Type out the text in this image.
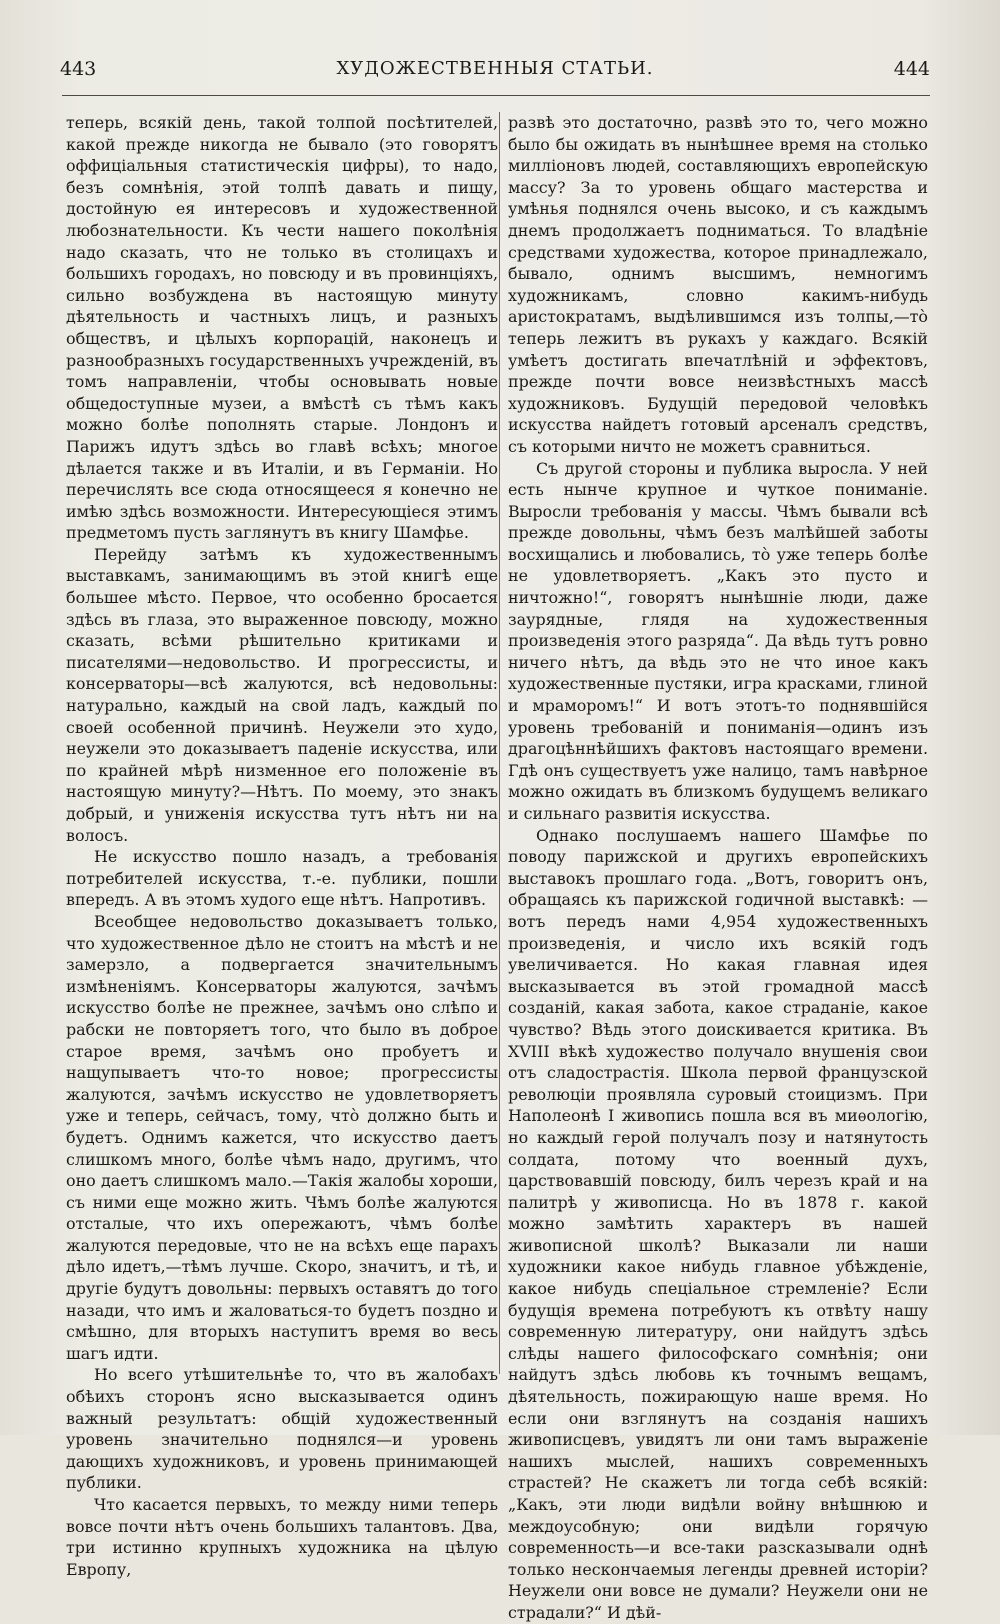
443	ХУДОЖЕСТВЕННЫЯ СТАТЬИ.	444

теперь, всякій день, такой толпой посѣтителей, какой прежде никогда не бывало (это говорятъ оффиціальныя статистическія цифры), то надо, безъ сомнѣнія, этой толпѣ давать и пищу, достойную ея интересовъ и художественной любознательности. Къ чести нашего поколѣнія надо сказать, что не только въ столицахъ и большихъ городахъ, но повсюду и въ провинціяхъ, сильно возбуждена въ настоящую минуту дѣятельность и частныхъ лицъ, и разныхъ обществъ, и цѣлыхъ корпорацій, наконецъ и разнообразныхъ государственныхъ учрежденій, въ томъ направленіи, чтобы основывать новые общедоступные музеи, а вмѣстѣ съ тѣмъ какъ можно болѣе пополнять старые. Лондонъ и Парижъ идутъ здѣсь во главѣ всѣхъ; многое дѣлается также и въ Италіи, и въ Германіи. Но перечислять все сюда относящееся я конечно не имѣю здѣсь возможности. Интересующіеся этимъ предметомъ пусть заглянутъ въ книгу Шамфье.

Перейду затѣмъ къ художественнымъ выставкамъ, занимающимъ въ этой книгѣ еще большее мѣсто. Первое, что особенно бросается здѣсь въ глаза, это выраженное повсюду, можно сказать, всѣми рѣшительно критиками и писателями—недовольство. И прогрессисты, и консерваторы—всѣ жалуются, всѣ недовольны: натурально, каждый на свой ладъ, каждый по своей особенной причинѣ. Неужели это худо, неужели это доказываетъ паденіе искусства, или по крайней мѣрѣ низменное его положеніе въ настоящую минуту?—Нѣтъ. По моему, это знакъ добрый, и униженія искусства тутъ нѣтъ ни на волосъ.

Не искусство пошло назадъ, а требованія потребителей искусства, т.-е. публики, пошли впередъ. А въ этомъ худого еще нѣтъ. Напротивъ.

Всеобщее недовольство доказываетъ только, что художественное дѣло не стоитъ на мѣстѣ и не замерзло, а подвергается значительнымъ измѣненіямъ. Консерваторы жалуются, зачѣмъ искусство болѣе не прежнее, зачѣмъ оно слѣпо и рабски не повторяетъ того, что было въ доброе старое время, зачѣмъ оно пробуетъ и нащупываетъ что-то новое; прогрессисты жалуются, зачѣмъ искусство не удовлетворяетъ уже и теперь, сейчасъ, тому, что̀ должно быть и будетъ. Однимъ кажется, что искусство даетъ слишкомъ много, болѣе чѣмъ надо, другимъ, что оно даетъ слишкомъ мало.—Такія жалобы хороши, съ ними еще можно жить. Чѣмъ болѣе жалуются отсталые, что ихъ опережаютъ, чѣмъ болѣе жалуются передовые, что не на всѣхъ еще парахъ дѣло идетъ,—тѣмъ лучше. Скоро, значитъ, и тѣ, и другіе будутъ довольны: первыхъ оставятъ до того назади, что имъ и жаловаться-то будетъ поздно и смѣшно, для вторыхъ наступитъ время во весь шагъ идти.

Но всего утѣшительнѣе то, что въ жалобахъ обѣихъ сторонъ ясно высказывается одинъ важный результатъ: общій художественный уровень значительно поднялся—и уровень дающихъ художниковъ, и уровень принимающей публики.

Что касается первыхъ, то между ними теперь вовсе почти нѣтъ очень большихъ талантовъ. Два, три истинно крупныхъ художника на цѣлую Европу,

развѣ это достаточно, развѣ это то, чего можно было бы ожидать въ нынѣшнее время на столько милліоновъ людей, составляющихъ европейскую массу? За то уровень общаго мастерства и умѣнья поднялся очень высоко, и съ каждымъ днемъ продолжаетъ подниматься. То владѣніе средствами художества, которое принадлежало, бывало, однимъ высшимъ, немногимъ художникамъ, словно какимъ-нибудь аристократамъ, выдѣлившимся изъ толпы,—то̀ теперь лежитъ въ рукахъ у каждаго. Всякій умѣетъ достигать впечатлѣній и эффектовъ, прежде почти вовсе неизвѣстныхъ массѣ художниковъ. Будущій передовой человѣкъ искусства найдетъ готовый арсеналъ средствъ, съ которыми ничто не можетъ сравниться.

Съ другой стороны и публика выросла. У ней есть нынче крупное и чуткое пониманіе. Выросли требованія у массы. Чѣмъ бывали всѣ прежде довольны, чѣмъ безъ малѣйшей заботы восхищались и любовались, то̀ уже теперь болѣе не удовлетворяетъ. „Какъ это пусто и ничтожно!“, говорятъ нынѣшніе люди, даже заурядные, глядя на художественныя произведенія этого разряда“. Да вѣдь тутъ ровно ничего нѣтъ, да вѣдь это не что иное какъ художественные пустяки, игра красками, глиной и мраморомъ!“ И вотъ этотъ-то поднявшійся уровень требованій и пониманія—одинъ изъ драгоцѣннѣйшихъ фактовъ настоящаго времени. Гдѣ онъ существуетъ уже налицо, тамъ навѣрное можно ожидать въ близкомъ будущемъ великаго и сильнаго развитія искусства.

Однако послушаемъ нашего Шамфье по поводу парижской и другихъ европейскихъ выставокъ прошлаго года. „Вотъ, говоритъ онъ, обращаясь къ парижской годичной выставкѣ: — вотъ передъ нами 4,954 художественныхъ произведенія, и число ихъ всякій годъ увеличивается. Но какая главная идея высказывается въ этой громадной массѣ созданій, какая забота, какое страданіе, какое чувство? Вѣдь этого доискивается критика. Въ XVIII вѣкѣ художество получало внушенія свои отъ сладострастія. Школа первой французской революціи проявляла суровый стоицизмъ. При Наполеонѣ I живопись пошла вся въ миѳологію, но каждый герой получалъ позу и натянутость солдата, потому что военный духъ, царствовавшій повсюду, билъ черезъ край и на палитрѣ у живописца. Но въ 1878 г. какой можно замѣтить характеръ въ нашей живописной школѣ? Выказали ли наши художники какое нибудь главное убѣжденіе, какое нибудь спеціальное стремленіе? Если будущія времена потребуютъ къ отвѣту нашу современную литературу, они найдутъ здѣсь слѣды нашего философскаго сомнѣнія; они найдутъ здѣсь любовь къ точнымъ вещамъ, дѣятельность, пожирающую наше время. Но если они взглянутъ на созданія нашихъ живописцевъ, увидятъ ли они тамъ выраженіе нашихъ мыслей, нашихъ современныхъ страстей? Не скажетъ ли тогда себѣ всякій: „Какъ, эти люди видѣли войну внѣшнюю и междоусобную; они видѣли горячую современность—и все-таки разсказывали однѣ только нескончаемыя легенды древней исторіи? Неужели они вовсе не думали? Неужели они не страдали?“ И дѣй-
